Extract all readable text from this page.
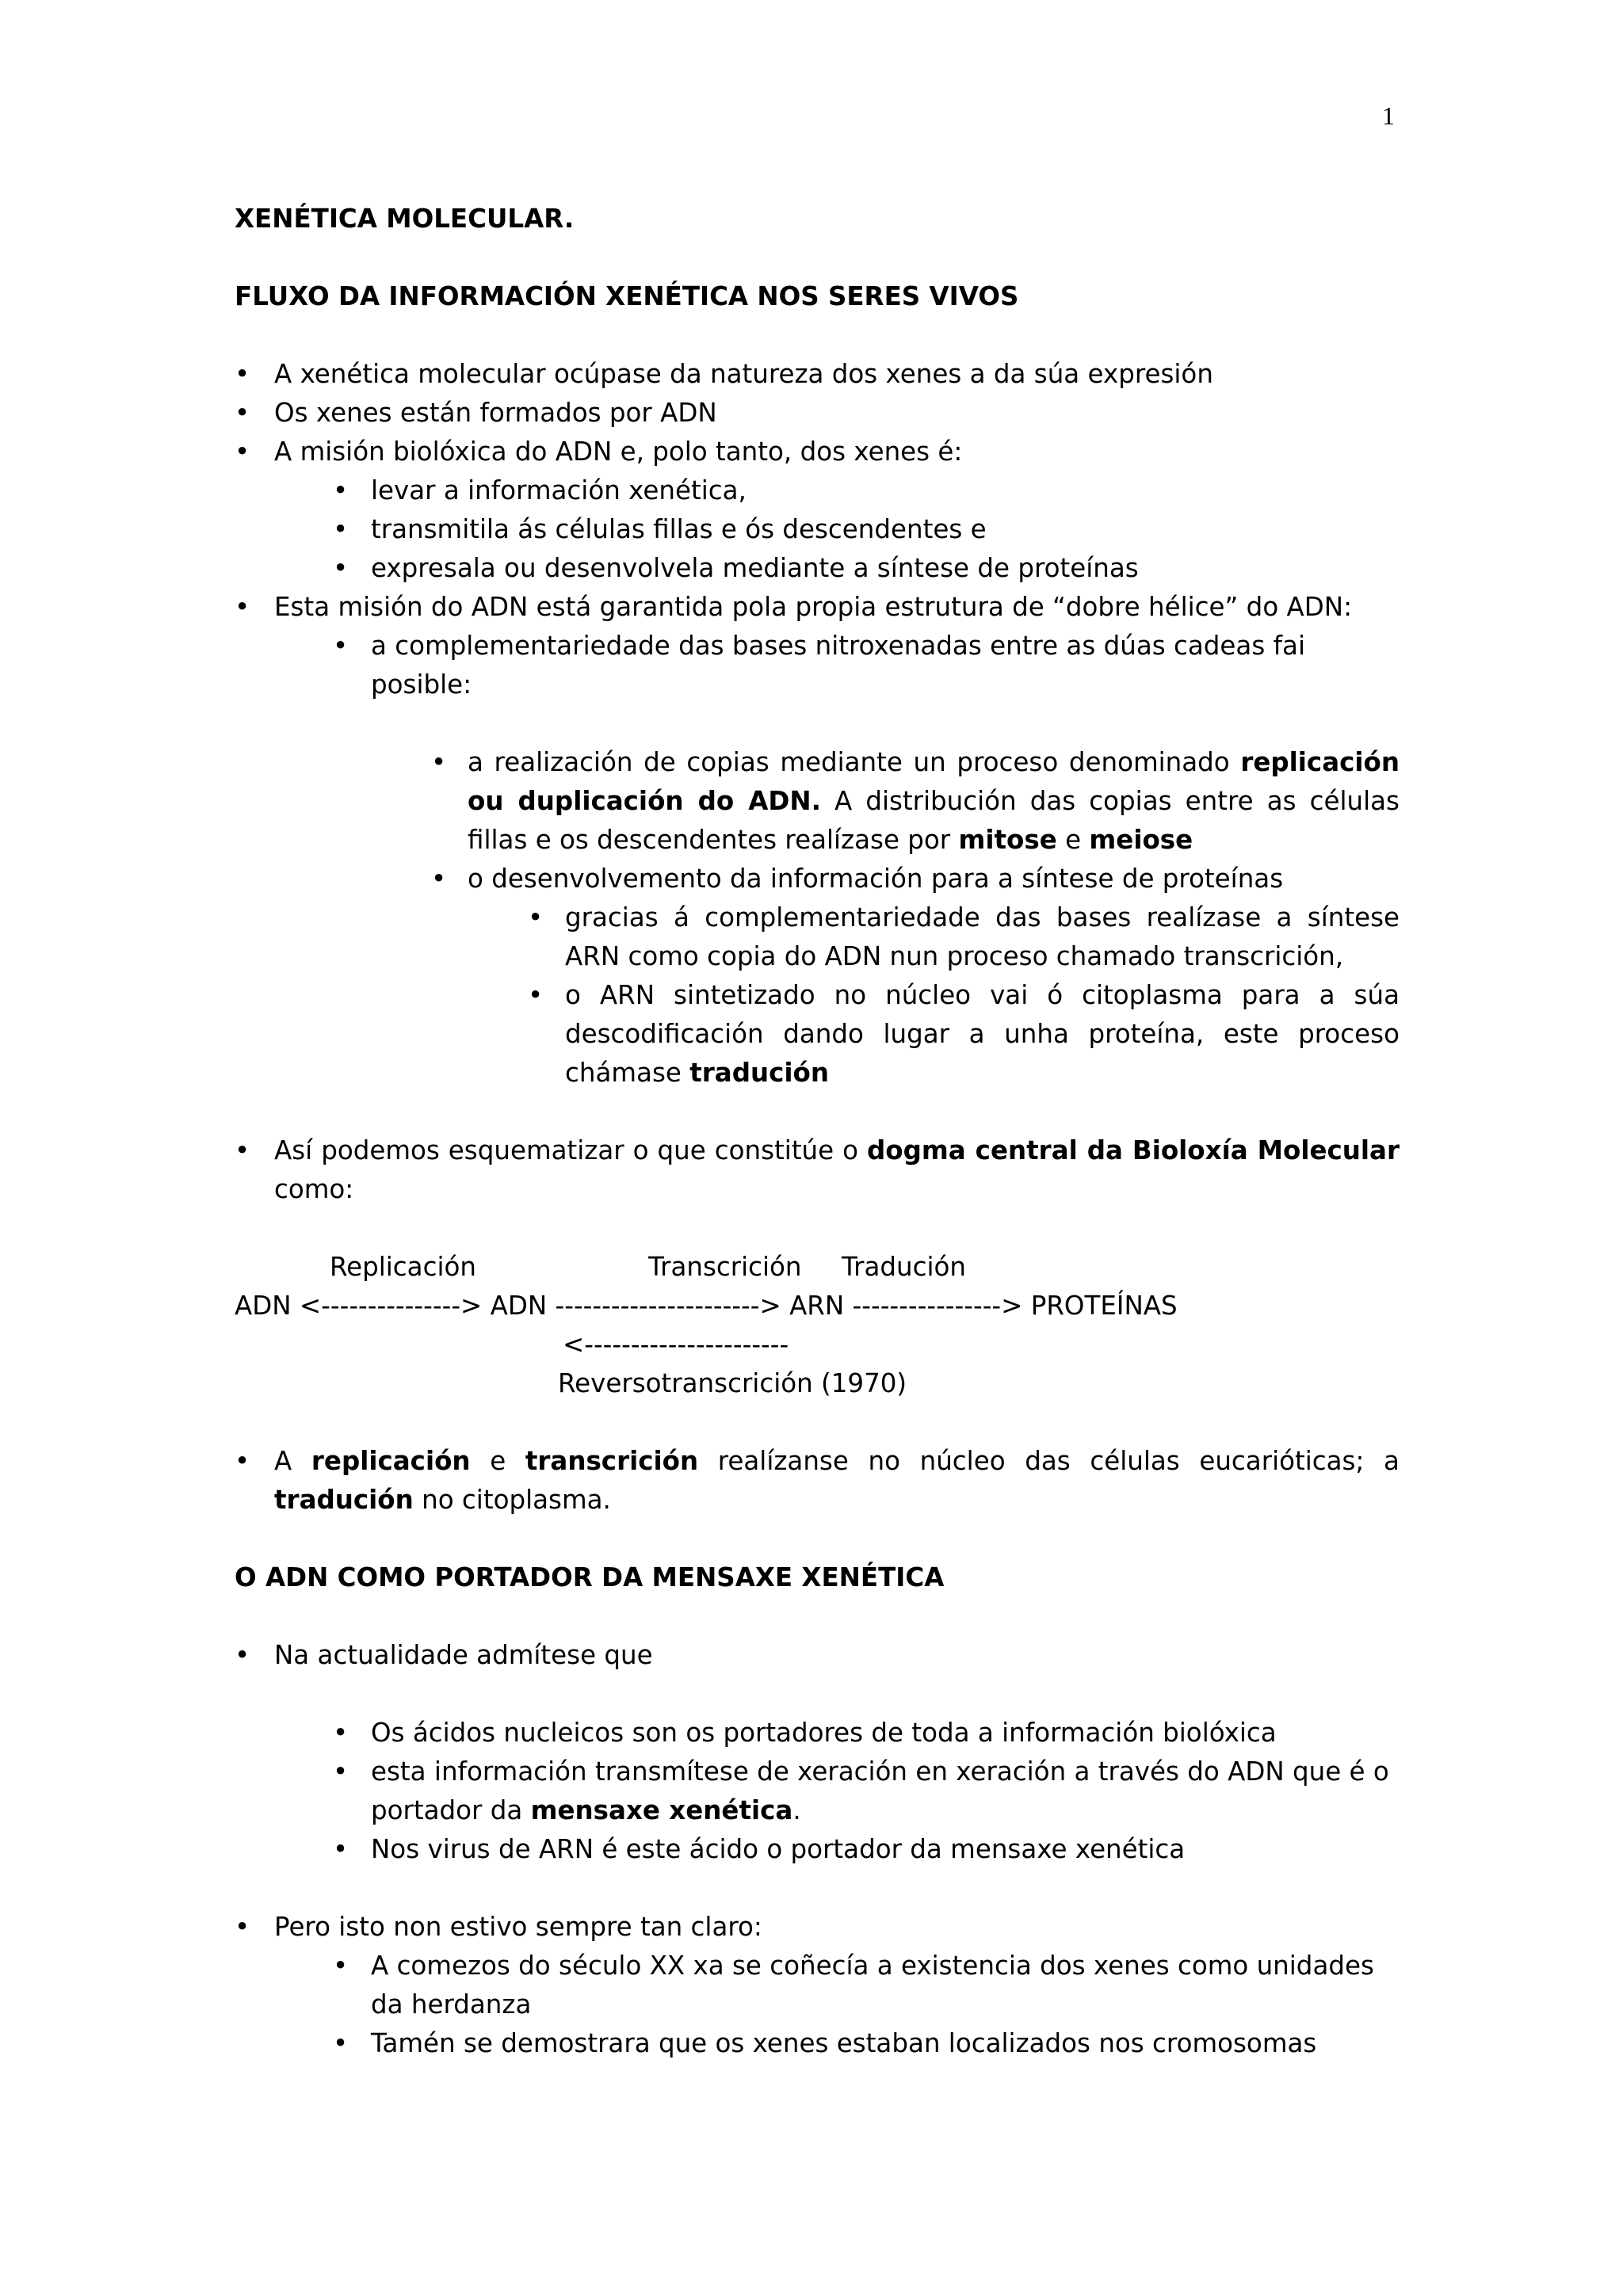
1

XENÉTICA MOLECULAR.

FLUXO DA INFORMACIÓN XENÉTICA NOS SERES VIVOS

• A xenética molecular ocúpase da natureza dos xenes a da súa expresión
• Os xenes están formados por ADN
• A misión biolóxica do ADN e, polo tanto, dos xenes é:
• levar a información xenética,
• transmitila ás células fillas e ós descendentes e
• expresala ou desenvolvela mediante a síntese de proteínas
• Esta misión do ADN está garantida pola propia estrutura de “dobre hélice” do ADN:
• a complementariedade das bases nitroxenadas entre as dúas cadeas fai posible:
• a realización de copias mediante un proceso denominado replicación ou duplicación do ADN. A distribución das copias entre as células fillas e os descendentes realízase por mitose e meiose
• o desenvolvemento da información para a síntese de proteínas
• gracias á complementariedade das bases realízase a síntese ARN como copia do ADN nun proceso chamado transcrición,
• o ARN sintetizado no núcleo vai ó citoplasma para a súa descodificación dando lugar a unha proteína, este proceso chámase tradución
• Así podemos esquematizar o que constitúe o dogma central da Bioloxía Molecular como:
Replicación	Transcrición Tradución
ADN <---------------> ADN ----------------------> ARN ----------------> PROTEÍNAS
<----------------------
Reversotranscrición (1970)
• A replicación e transcrición realízanse no núcleo das células eucarióticas; a tradución no citoplasma.

O ADN COMO PORTADOR DA MENSAXE XENÉTICA

• Na actualidade admítese que
• Os ácidos nucleicos son os portadores de toda a información biolóxica
• esta información transmítese de xeración en xeración a través do ADN que é o portador da mensaxe xenética.
• Nos virus de ARN é este ácido o portador da mensaxe xenética
• Pero isto non estivo sempre tan claro:
• A comezos do século XX xa se coñecía a existencia dos xenes como unidades da herdanza
• Tamén se demostrara que os xenes estaban localizados nos cromosomas
